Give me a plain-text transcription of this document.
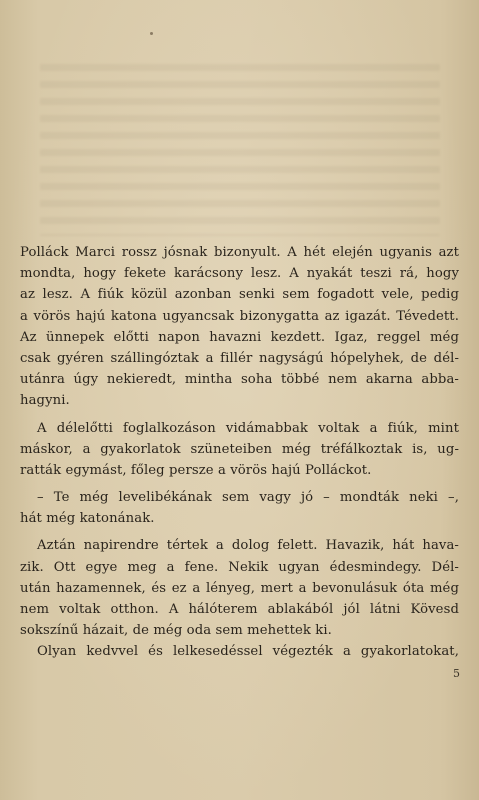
Polláck Marci rossz jósnak bizonyult. A hét elején ugyanis azt
mondta, hogy fekete karácsony lesz. A nyakát teszi rá, hogy
az lesz. A fiúk közül azonban senki sem fogadott vele, pedig
a vörös hajú katona ugyancsak bizonygatta az igazát. Tévedett.
Az ünnepek előtti napon havazni kezdett. Igaz, reggel még
csak gyéren szállingóztak a fillér nagyságú hópelyhek, de dél-
utánra úgy nekieredt, mintha soha többé nem akarna abba-
hagyni.
A délelőtti foglalkozáson vidámabbak voltak a fiúk, mint
máskor, a gyakorlatok szüneteiben még tréfálkoztak is, ug-
ratták egymást, főleg persze a vörös hajú Polláckot.
– Te még levelibékának sem vagy jó – mondták neki –,
hát még katonának.
Aztán napirendre tértek a dolog felett. Havazik, hát hava-
zik. Ott egye meg a fene. Nekik ugyan édesmindegy. Dél-
után hazamennek, és ez a lényeg, mert a bevonulásuk óta még
nem voltak otthon. A hálóterem ablakából jól látni Kövesd
sokszínű házait, de még oda sem mehettek ki.
Olyan kedvvel és lelkesedéssel végezték a gyakorlatokat,
5
